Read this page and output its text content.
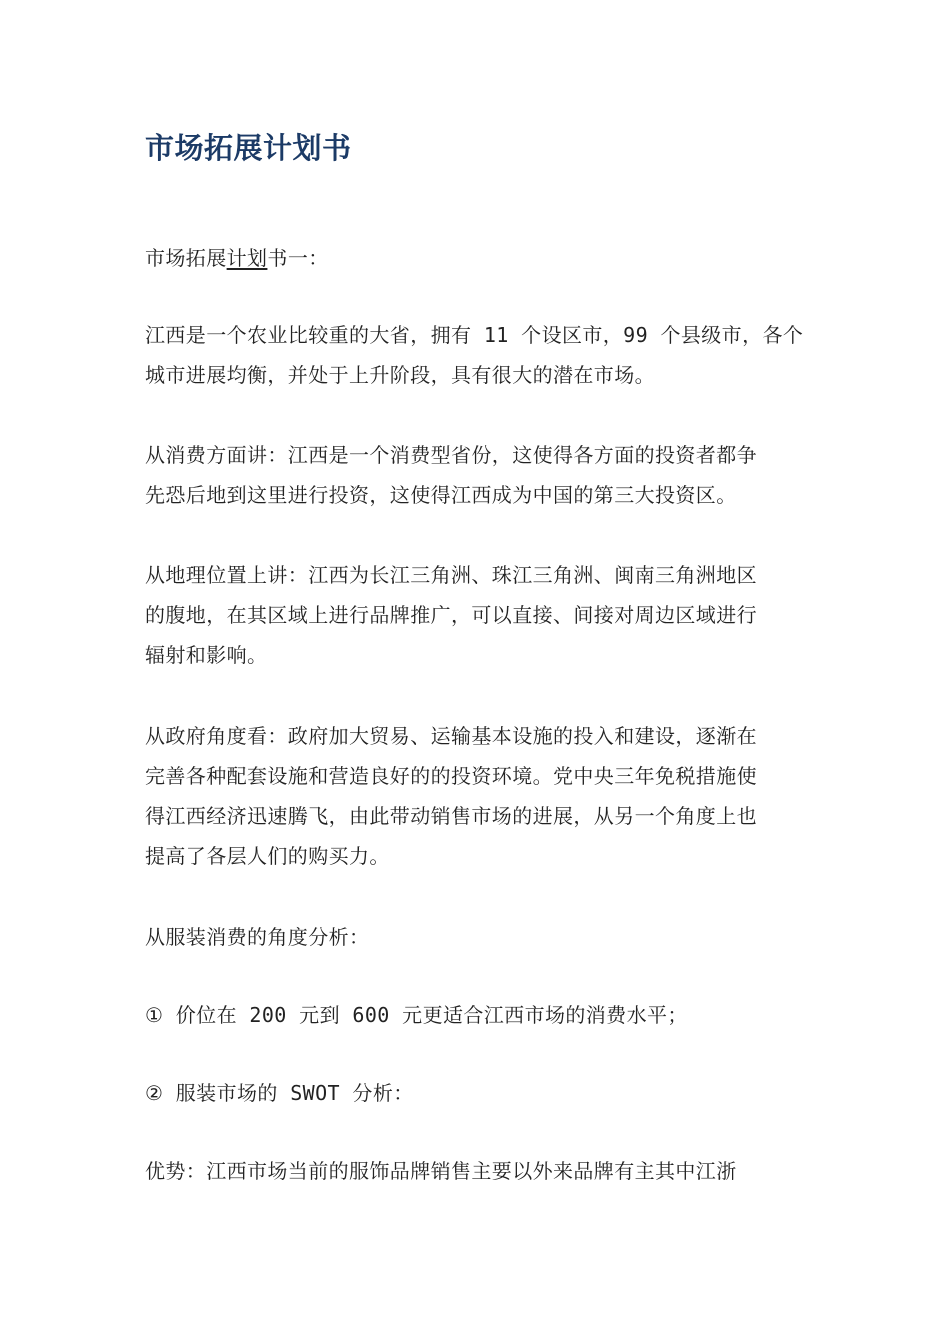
市场拓展计划书

市场拓展计划书一：

江西是一个农业比较重的大省，拥有 11 个设区市，99 个县级市，各个
城市进展均衡，并处于上升阶段，具有很大的潜在市场。

从消费方面讲：江西是一个消费型省份，这使得各方面的投资者都争
先恐后地到这里进行投资，这使得江西成为中国的第三大投资区。

从地理位置上讲：江西为长江三角洲、珠江三角洲、闽南三角洲地区
的腹地，在其区域上进行品牌推广，可以直接、间接对周边区域进行
辐射和影响。

从政府角度看：政府加大贸易、运输基本设施的投入和建设，逐渐在
完善各种配套设施和营造良好的的投资环境。党中央三年免税措施使
得江西经济迅速腾飞，由此带动销售市场的进展，从另一个角度上也
提高了各层人们的购买力。

从服装消费的角度分析：

① 价位在 200 元到 600 元更适合江西市场的消费水平；

② 服装市场的 SWOT 分析：

优势：江西市场当前的服饰品牌销售主要以外来品牌有主其中江浙
